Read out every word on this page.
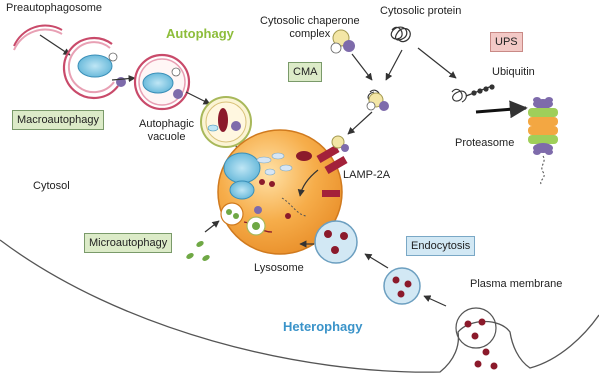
Preautophagosome
Autophagy
Cytosolic chaperone
complex
Cytosolic protein
UPS
CMA	Ubiquitin
Macroautophagy	Autophagic
vacuole
Proteasome
Cytosol
LAMP-2A
Microautophagy	Endocytosis
Lysosome
Plasma membrane
Heterophagy
